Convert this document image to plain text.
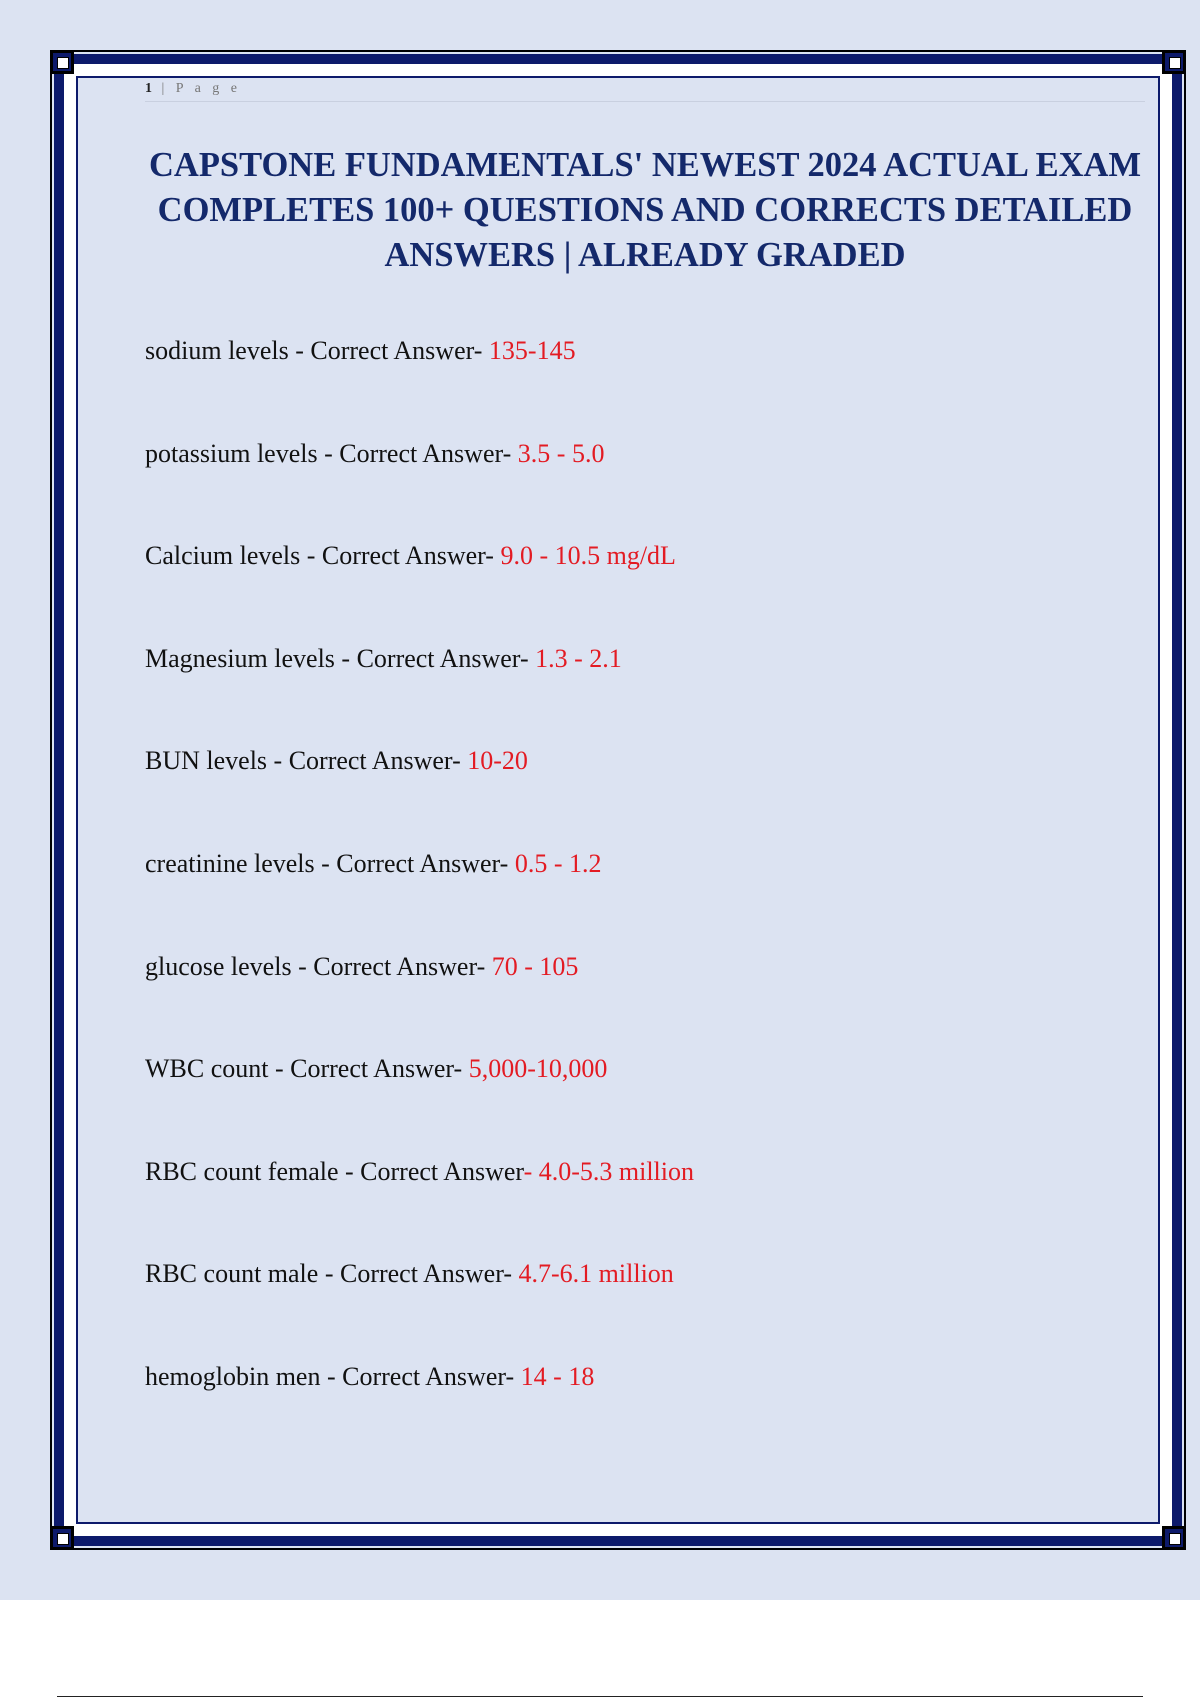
1 | P a g e
CAPSTONE FUNDAMENTALS' NEWEST 2024 ACTUAL EXAM COMPLETES 100+ QUESTIONS AND CORRECTS DETAILED ANSWERS | ALREADY GRADED
sodium levels - Correct Answer- 135-145
potassium levels - Correct Answer- 3.5 - 5.0
Calcium levels - Correct Answer- 9.0 - 10.5 mg/dL
Magnesium levels - Correct Answer- 1.3 - 2.1
BUN levels - Correct Answer- 10-20
creatinine levels - Correct Answer- 0.5 - 1.2
glucose levels - Correct Answer- 70 - 105
WBC count - Correct Answer- 5,000-10,000
RBC count female - Correct Answer- 4.0-5.3 million
RBC count male - Correct Answer- 4.7-6.1 million
hemoglobin men - Correct Answer- 14 - 18
